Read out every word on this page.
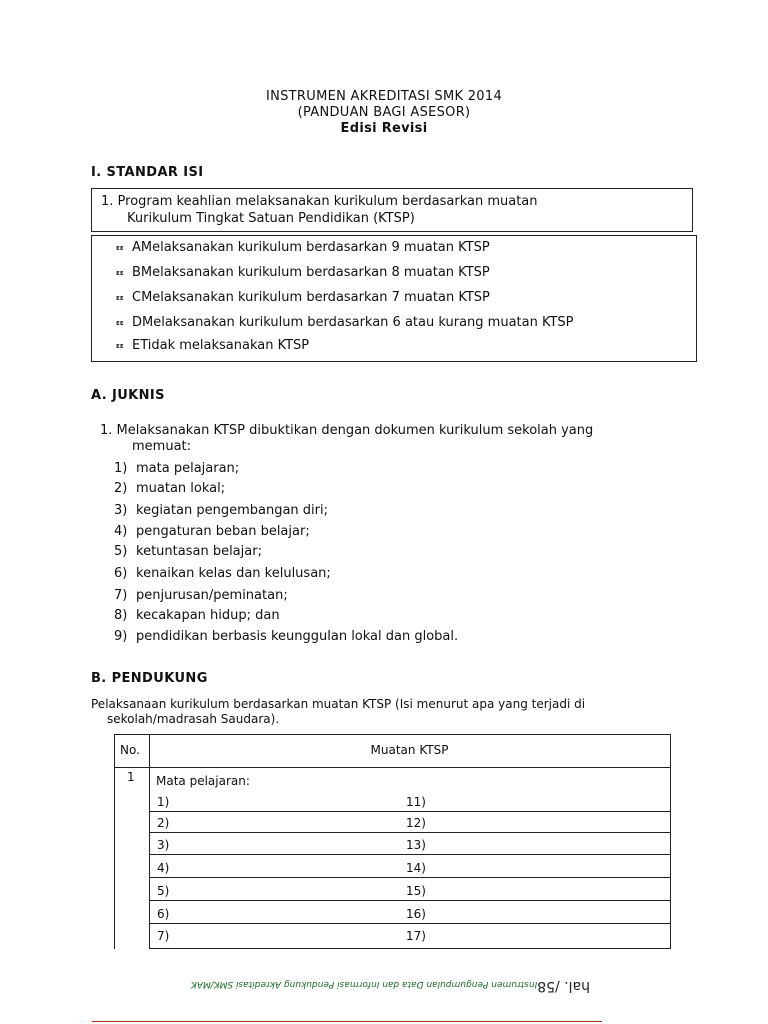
INSTRUMEN AKREDITASI SMK 2014
(PANDUAN BAGI ASESOR)
Edisi Revisi
I. STANDAR ISI
1. Program keahlian melaksanakan kurikulum berdasarkan muatan
Kurikulum Tingkat Satuan Pendidikan (KTSP)
ᴇᴇ AMelaksanakan kurikulum berdasarkan 9 muatan KTSP
ᴇᴇ BMelaksanakan kurikulum berdasarkan 8 muatan KTSP
ᴇᴇ CMelaksanakan kurikulum berdasarkan 7 muatan KTSP
ᴇᴇ DMelaksanakan kurikulum berdasarkan 6 atau kurang muatan KTSP
ᴇᴇ ETidak melaksanakan KTSP
A. JUKNIS
1. Melaksanakan KTSP dibuktikan dengan dokumen kurikulum sekolah yang
memuat:
1) mata pelajaran;
2) muatan lokal;
3) kegiatan pengembangan diri;
4) pengaturan beban belajar;
5) ketuntasan belajar;
6) kenaikan kelas dan kelulusan;
7) penjurusan/peminatan;
8) kecakapan hidup; dan
9) pendidikan berbasis keunggulan lokal dan global.
B. PENDUKUNG
Pelaksanaan kurikulum berdasarkan muatan KTSP (Isi menurut apa yang terjadi di
sekolah/madrasah Saudara).
No.	Muatan KTSP
1 Mata pelajaran:
1)	11)
2)	12)
3)	13)
4)	14)
5)	15)
6)	16)
7)	17)
hal. /58Instrumen Pengumpulan Data dan Informasi Pendukung Akreditasi SMK/MAK
